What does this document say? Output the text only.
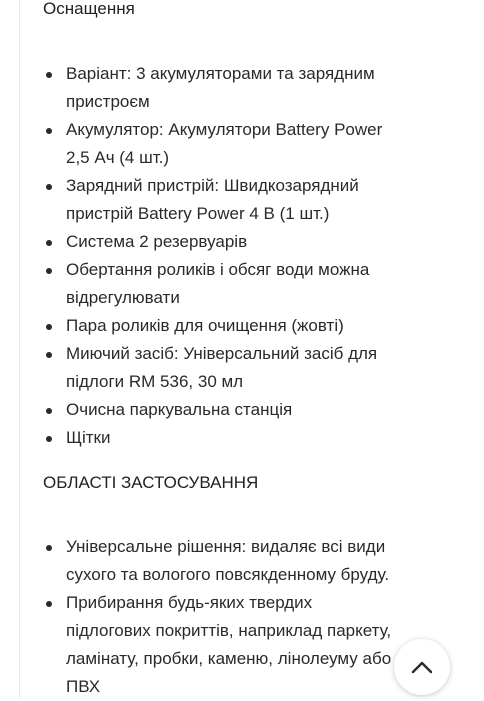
Оснащення
Варіант: 3 акумуляторами та зарядним
пристроєм
Акумулятор: Акумулятори Battery Power
2,5 Ач (4 шт.)
Зарядний пристрій: Швидкозарядний
пристрій Battery Power 4 В (1 шт.)
Система 2 резервуарів
Обертання роликів і обсяг води можна
відрегулювати
Пара роликів для очищення (жовті)
Миючий засіб: Універсальний засіб для
підлоги RM 536, 30 мл
Очисна паркувальна станція
Щітки
ОБЛАСТІ ЗАСТОСУВАННЯ
Універсальне рішення: видаляє всі види
сухого та вологого повсякденному бруду.
Прибирання будь-яких твердих
підлогових покриттів, наприклад паркету,
ламінату, пробки, каменю, лінолеуму або
ПВХ
